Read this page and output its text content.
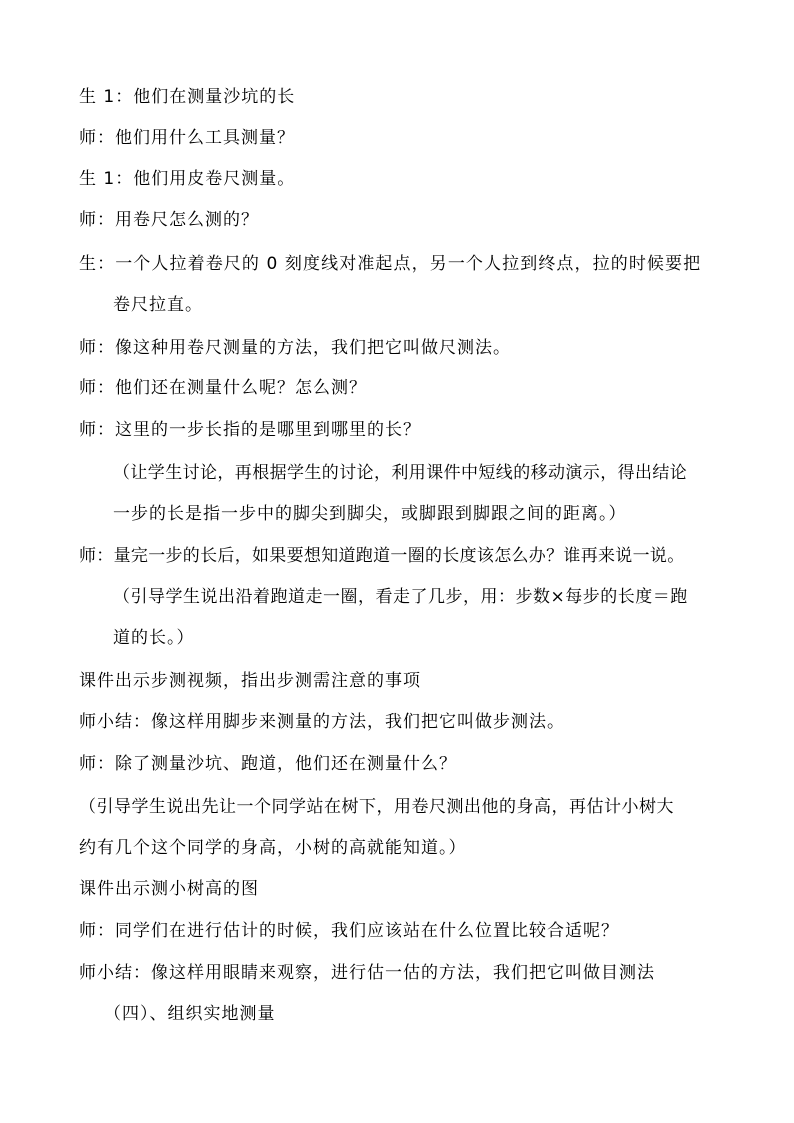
生 1：他们在测量沙坑的长
师：他们用什么工具测量？
生 1：他们用皮卷尺测量。
师：用卷尺怎么测的？
生：一个人拉着卷尺的 0 刻度线对准起点，另一个人拉到终点，拉的时候要把
卷尺拉直。
师：像这种用卷尺测量的方法，我们把它叫做尺测法。
师：他们还在测量什么呢？怎么测？
师：这里的一步长指的是哪里到哪里的长？
（让学生讨论，再根据学生的讨论，利用课件中短线的移动演示，得出结论
一步的长是指一步中的脚尖到脚尖，或脚跟到脚跟之间的距离。）
师：量完一步的长后，如果要想知道跑道一圈的长度该怎么办？谁再来说一说。
（引导学生说出沿着跑道走一圈，看走了几步，用：步数×每步的长度＝跑
道的长。）
课件出示步测视频，指出步测需注意的事项
师小结：像这样用脚步来测量的方法，我们把它叫做步测法。
师：除了测量沙坑、跑道，他们还在测量什么？
（引导学生说出先让一个同学站在树下，用卷尺测出他的身高，再估计小树大
约有几个这个同学的身高，小树的高就能知道。）
课件出示测小树高的图
师：同学们在进行估计的时候，我们应该站在什么位置比较合适呢？
师小结：像这样用眼睛来观察，进行估一估的方法，我们把它叫做目测法
（四）、组织实地测量
